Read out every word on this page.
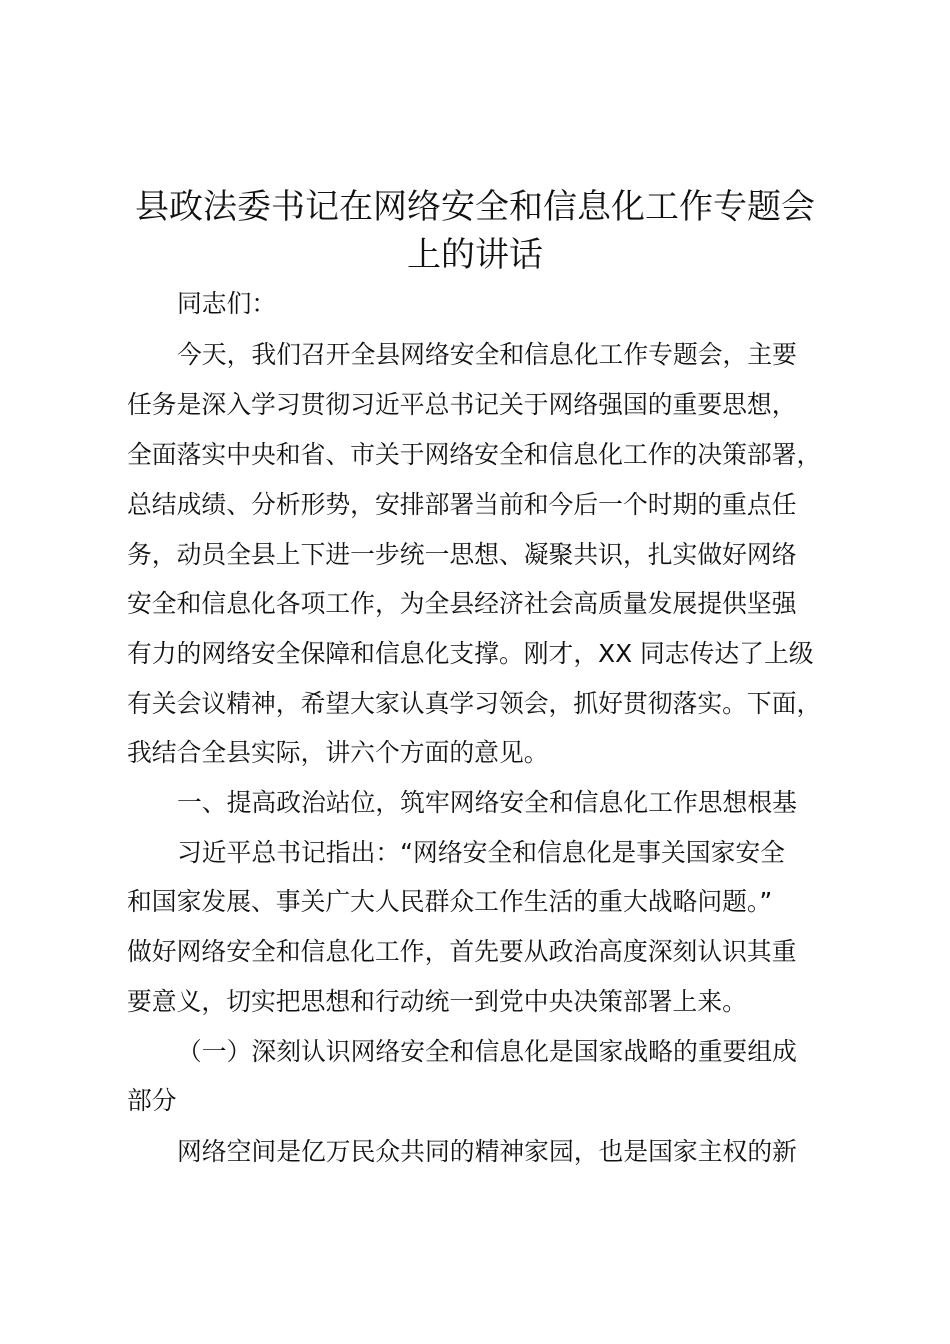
县政法委书记在网络安全和信息化工作专题会
上的讲话
同志们：
今天，我们召开全县网络安全和信息化工作专题会，主要
任务是深入学习贯彻习近平总书记关于网络强国的重要思想，
全面落实中央和省、市关于网络安全和信息化工作的决策部署，
总结成绩、分析形势，安排部署当前和今后一个时期的重点任
务，动员全县上下进一步统一思想、凝聚共识，扎实做好网络
安全和信息化各项工作，为全县经济社会高质量发展提供坚强
有力的网络安全保障和信息化支撑。刚才，XX 同志传达了上级
有关会议精神，希望大家认真学习领会，抓好贯彻落实。下面，
我结合全县实际，讲六个方面的意见。
一、提高政治站位，筑牢网络安全和信息化工作思想根基
习近平总书记指出：“网络安全和信息化是事关国家安全
和国家发展、事关广大人民群众工作生活的重大战略问题。”
做好网络安全和信息化工作，首先要从政治高度深刻认识其重
要意义，切实把思想和行动统一到党中央决策部署上来。
（一）深刻认识网络安全和信息化是国家战略的重要组成
部分
网络空间是亿万民众共同的精神家园，也是国家主权的新
